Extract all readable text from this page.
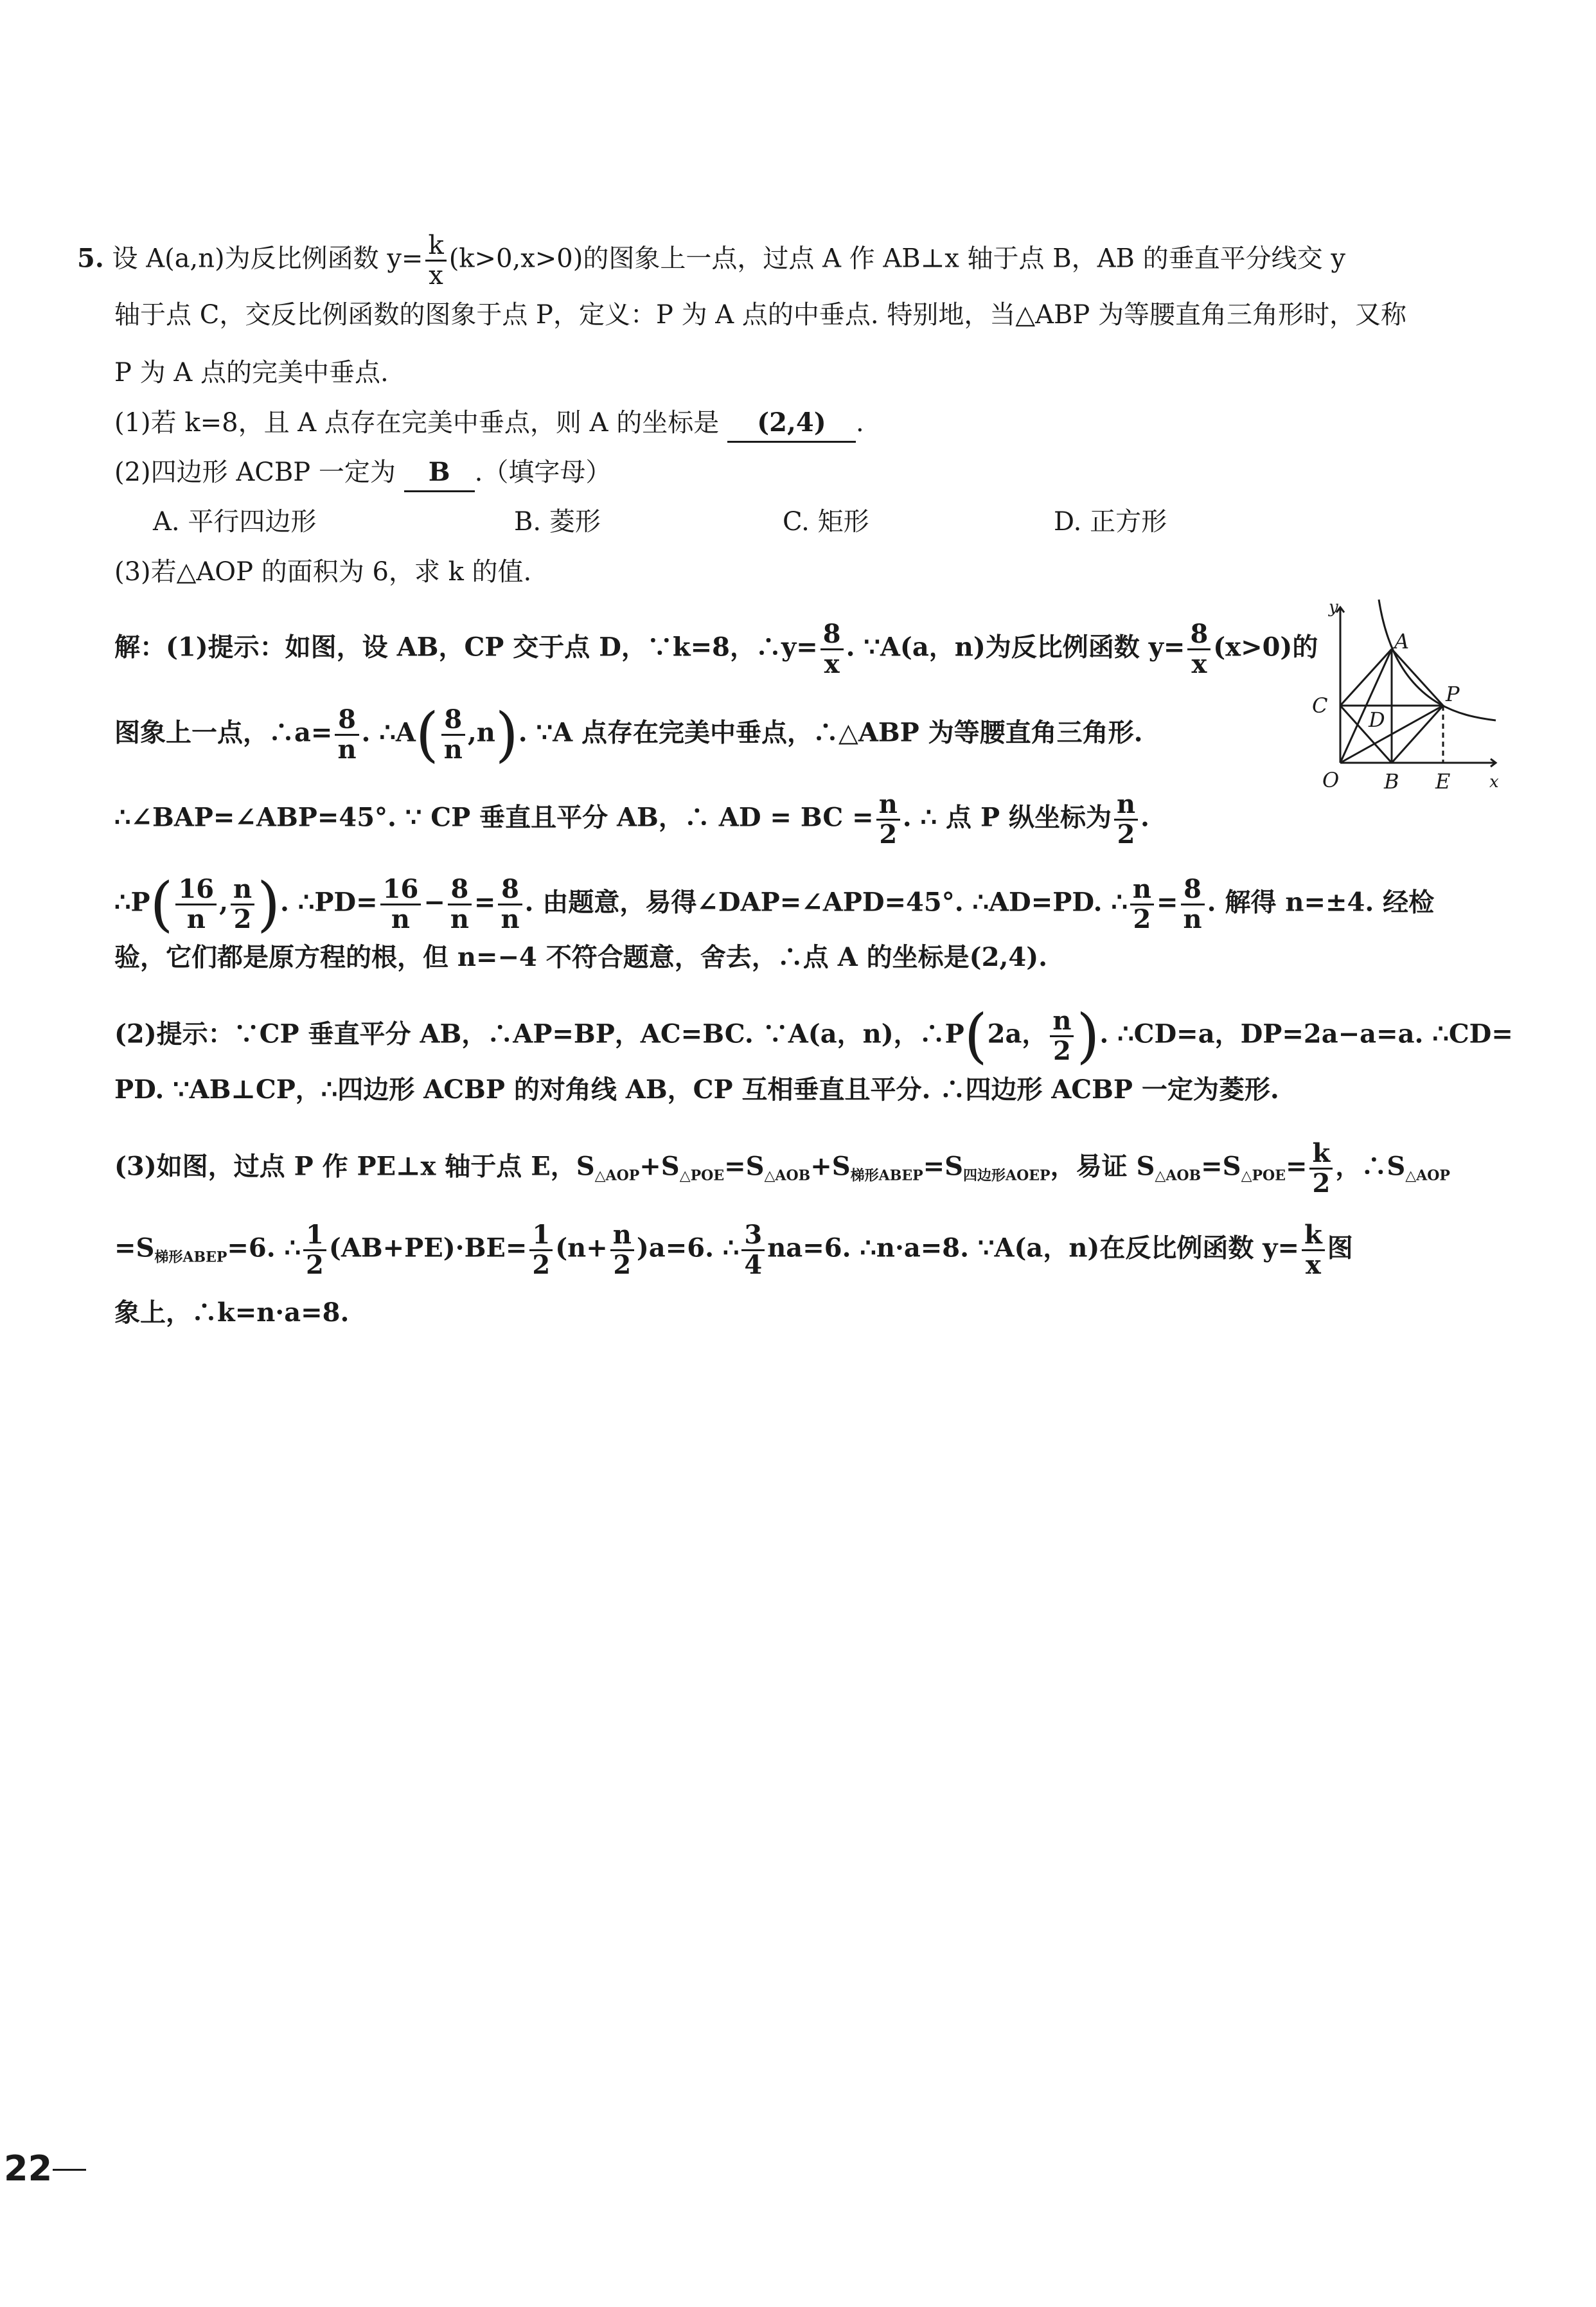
5. 设 A(a,n)为反比例函数 $y= \frac{k}{x} (k>0,x>0)$的图象上一点，过点 A 作 AB⊥x 轴于点 B，AB 的垂直平分线交 y
轴于点 C，交反比例函数的图象于点 P，定义：P 为 A 点的中垂点. 特别地，当△ABP 为等腰直角三角形时，又称
P 为 A 点的完美中垂点.
(1)若 k=8，且 A 点存在完美中垂点，则 A 的坐标是 (2,4) .
(2)四边形 ACBP 一定为 B .（填字母）
A. 平行四边形	B. 菱形	C. 矩形	D. 正方形
(3)若△AOP 的面积为 6，求 k 的值.
解：(1)提示：如图，设 AB，CP 交于点 D，∵k=8，∴y= $\frac{8}{x}$ . ∵A(a，n)为反比例函数 $y= \frac{8}{x} (x>0)$的
图象上一点，∴a= $\frac{8}{n}$ . ∴A( $\frac{8}{n} ,n$). ∵A 点存在完美中垂点，∴△ABP 为等腰直角三角形.
∴∠BAP=∠ABP=45°. ∵ CP 垂直且平分 AB，∴ AD = BC = $\frac{n}{2}$ . ∴ 点 P 纵坐标为 $\frac{n}{2}$ .
∴P( $\frac{16}{n}$ , $\frac{n}{2}$ ). ∴PD= $\frac{16}{n} - \frac{8}{n} = \frac{8}{n}$ . 由题意，易得∠DAP=∠APD=45°. ∴AD=PD. ∴ $\frac{n}{2} = \frac{8}{n}$ . 解得 n=±4. 经检
验，它们都是原方程的根，但 n=−4 不符合题意，舍去，∴点 A 的坐标是(2,4).
(2)提示：∵CP 垂直平分 AB，∴AP=BP，AC=BC. ∵A(a，n)，∴P(2a， $\frac{n}{2}$ ). ∴CD=a，DP=2a−a=a. ∴CD=
PD. ∵AB⊥CP，∴四边形 ACBP 的对角线 AB，CP 互相垂直且平分. ∴四边形 ACBP 一定为菱形.
(3)如图，过点 P 作 PE⊥x 轴于点 E，$S_{\triangle AOP}+S_{\triangle POE}=S_{\triangle AOB}+S_{梯形ABEP}=S_{四边形AOEP}$，易证 $S_{\triangle AOB}=S_{\triangle POE}= \frac{k}{2}$ ，$\therefore S_{\triangle AOP}$
$=S_{梯形ABEP}=6$. ∴ $\frac{1}{2} (AB+PE)\cdot BE= \frac{1}{2} (n+ \frac{n}{2} )a=6$. ∴ $\frac{3}{4} na=6$. ∴n·a=8. ∵A(a，n)在反比例函数 $y= \frac{k}{x}$ 图
象上，∴k=n·a=8.
y
x
O B E
C
A
P
D
22
